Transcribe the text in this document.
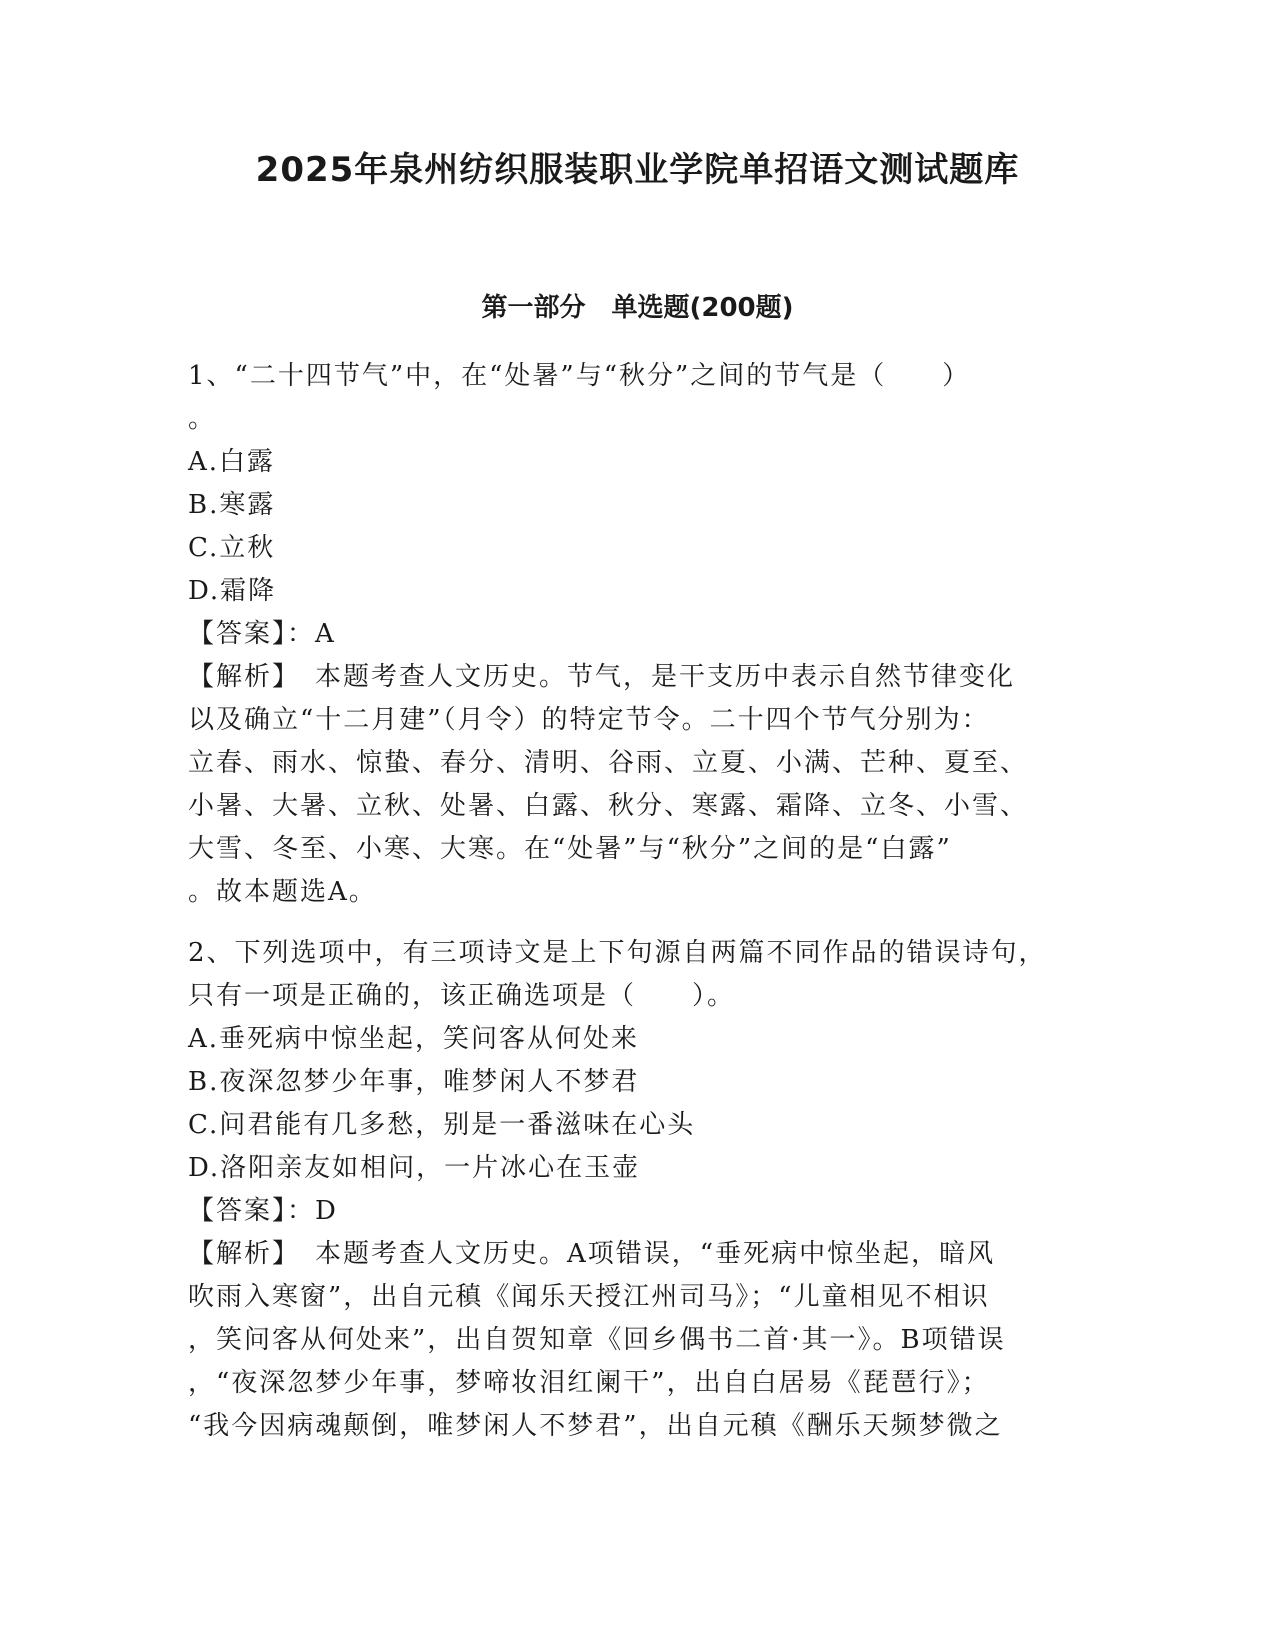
2025年泉州纺织服装职业学院单招语文测试题库
第一部分　单选题(200题)
1、“二十四节气”中，在“处暑”与“秋分”之间的节气是（　　）
。
A.白露
B.寒露
C.立秋
D.霜降
【答案】：A
【解析】　本题考查人文历史。节气，是干支历中表示自然节律变化
以及确立“十二月建”（月令）的特定节令。二十四个节气分别为：
立春、雨水、惊蛰、春分、清明、谷雨、立夏、小满、芒种、夏至、
小暑、大暑、立秋、处暑、白露、秋分、寒露、霜降、立冬、小雪、
大雪、冬至、小寒、大寒。在“处暑”与“秋分”之间的是“白露”
。故本题选A。
2、下列选项中，有三项诗文是上下句源自两篇不同作品的错误诗句，
只有一项是正确的，该正确选项是（　　）。
A.垂死病中惊坐起，笑问客从何处来
B.夜深忽梦少年事，唯梦闲人不梦君
C.问君能有几多愁，别是一番滋味在心头
D.洛阳亲友如相问，一片冰心在玉壶
【答案】：D
【解析】　本题考查人文历史。A项错误，“垂死病中惊坐起，暗风
吹雨入寒窗”，出自元稹《闻乐天授江州司马》；“儿童相见不相识
，笑问客从何处来”，出自贺知章《回乡偶书二首·其一》。B项错误
，“夜深忽梦少年事，梦啼妆泪红阑干”，出自白居易《琵琶行》；
“我今因病魂颠倒，唯梦闲人不梦君”，出自元稹《酬乐天频梦微之
